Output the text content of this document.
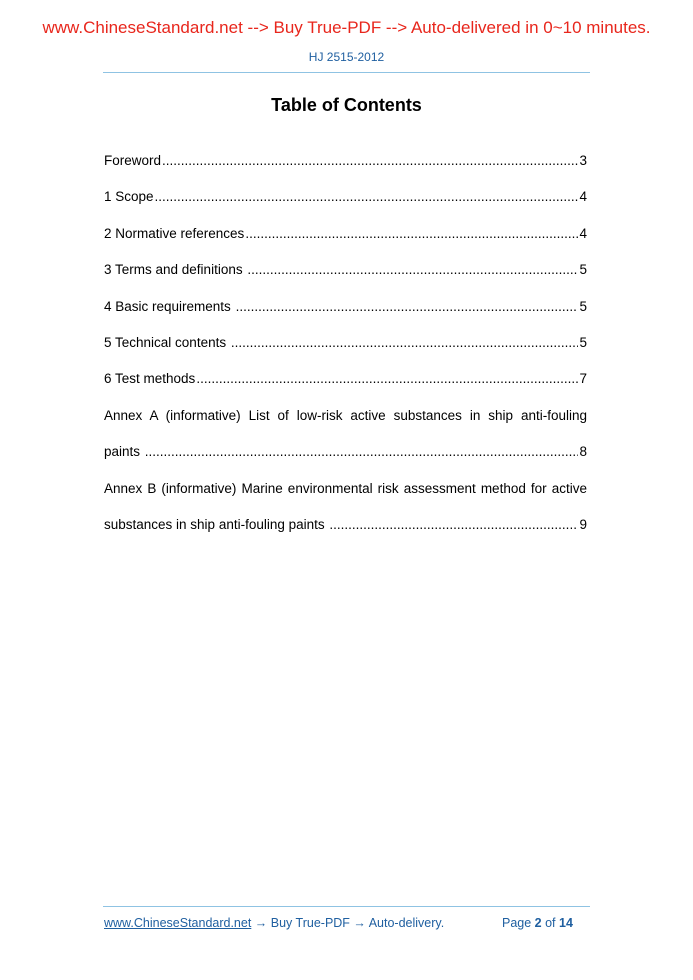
www.ChineseStandard.net --> Buy True-PDF --> Auto-delivered in 0~10 minutes.
HJ 2515-2012
Table of Contents
Foreword .....	3
1 Scope .....	4
2 Normative references .....	4
3 Terms and definitions .....	5
4 Basic requirements .....	5
5 Technical contents .....	5
6 Test methods .....	7
Annex A (informative) List of low-risk active substances in ship anti-fouling
paints .....	8
Annex B (informative) Marine environmental risk assessment method for active
substances in ship anti-fouling paints .....	9
www.ChineseStandard.net → Buy True-PDF → Auto-delivery.	Page 2 of 14
